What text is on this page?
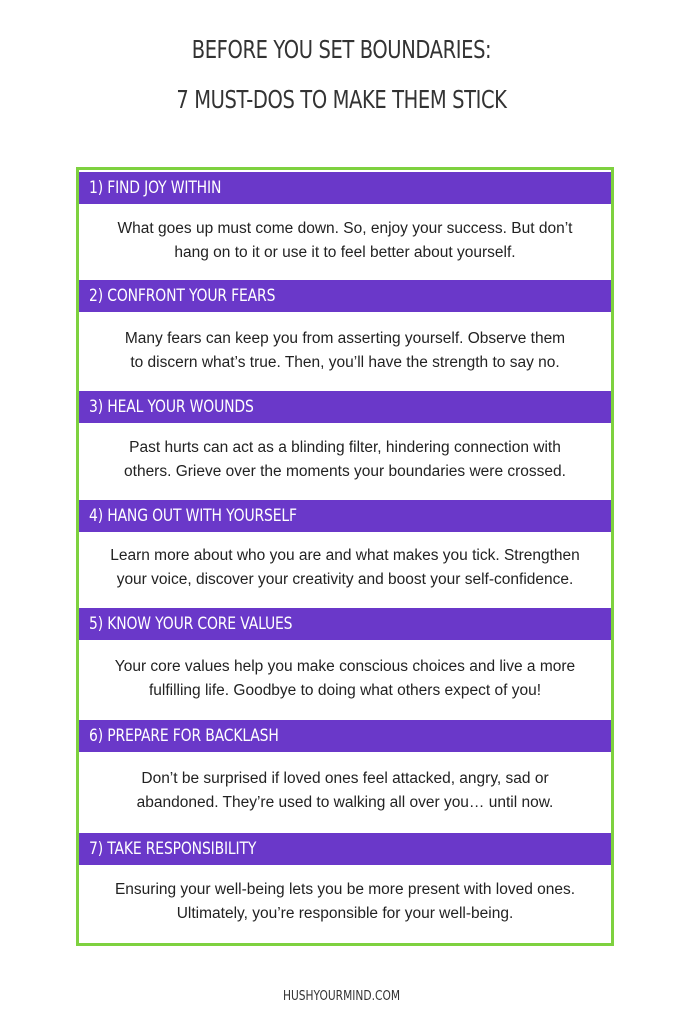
BEFORE YOU SET BOUNDARIES:
7 MUST-DOS TO MAKE THEM STICK
1) FIND JOY WITHIN
What goes up must come down. So, enjoy your success. But don’t
hang on to it or use it to feel better about yourself.
2) CONFRONT YOUR FEARS
Many fears can keep you from asserting yourself. Observe them
to discern what’s true. Then, you’ll have the strength to say no.
3) HEAL YOUR WOUNDS
Past hurts can act as a blinding filter, hindering connection with
others. Grieve over the moments your boundaries were crossed.
4) HANG OUT WITH YOURSELF
Learn more about who you are and what makes you tick. Strengthen
your voice, discover your creativity and boost your self-confidence.
5) KNOW YOUR CORE VALUES
Your core values help you make conscious choices and live a more
fulfilling life. Goodbye to doing what others expect of you!
6) PREPARE FOR BACKLASH
Don’t be surprised if loved ones feel attacked, angry, sad or
abandoned. They’re used to walking all over you… until now.
7) TAKE RESPONSIBILITY
Ensuring your well-being lets you be more present with loved ones.
Ultimately, you’re responsible for your well-being.
HUSHYOURMIND.COM
